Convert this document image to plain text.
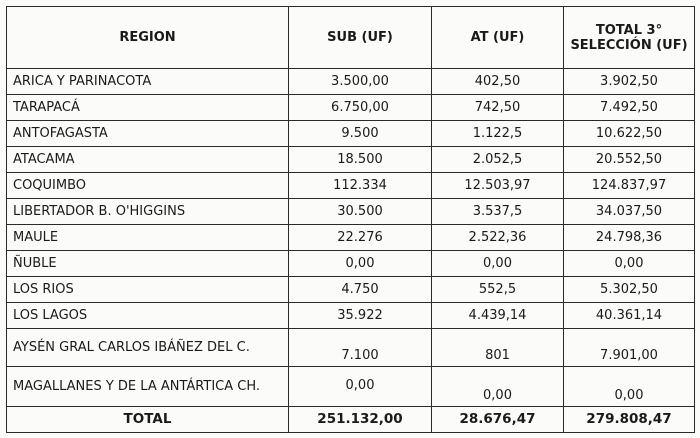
REGION	SUB (UF)	AT (UF)	TOTAL 3° SELECCIÓN (UF)
ARICA Y PARINACOTA	3.500,00	402,50	3.902,50
TARAPACÁ	6.750,00	742,50	7.492,50
ANTOFAGASTA	9.500	1.122,5	10.622,50
ATACAMA	18.500	2.052,5	20.552,50
COQUIMBO	112.334	12.503,97	124.837,97
LIBERTADOR B. O'HIGGINS	30.500	3.537,5	34.037,50
MAULE	22.276	2.522,36	24.798,36
ÑUBLE	0,00	0,00	0,00
LOS RIOS	4.750	552,5	5.302,50
LOS LAGOS	35.922	4.439,14	40.361,14
AYSÉN GRAL CARLOS IBÁÑEZ DEL C.	7.100	801	7.901,00
MAGALLANES Y DE LA ANTÁRTICA CH.	0,00	0,00	0,00
TOTAL	251.132,00	28.676,47	279.808,47
